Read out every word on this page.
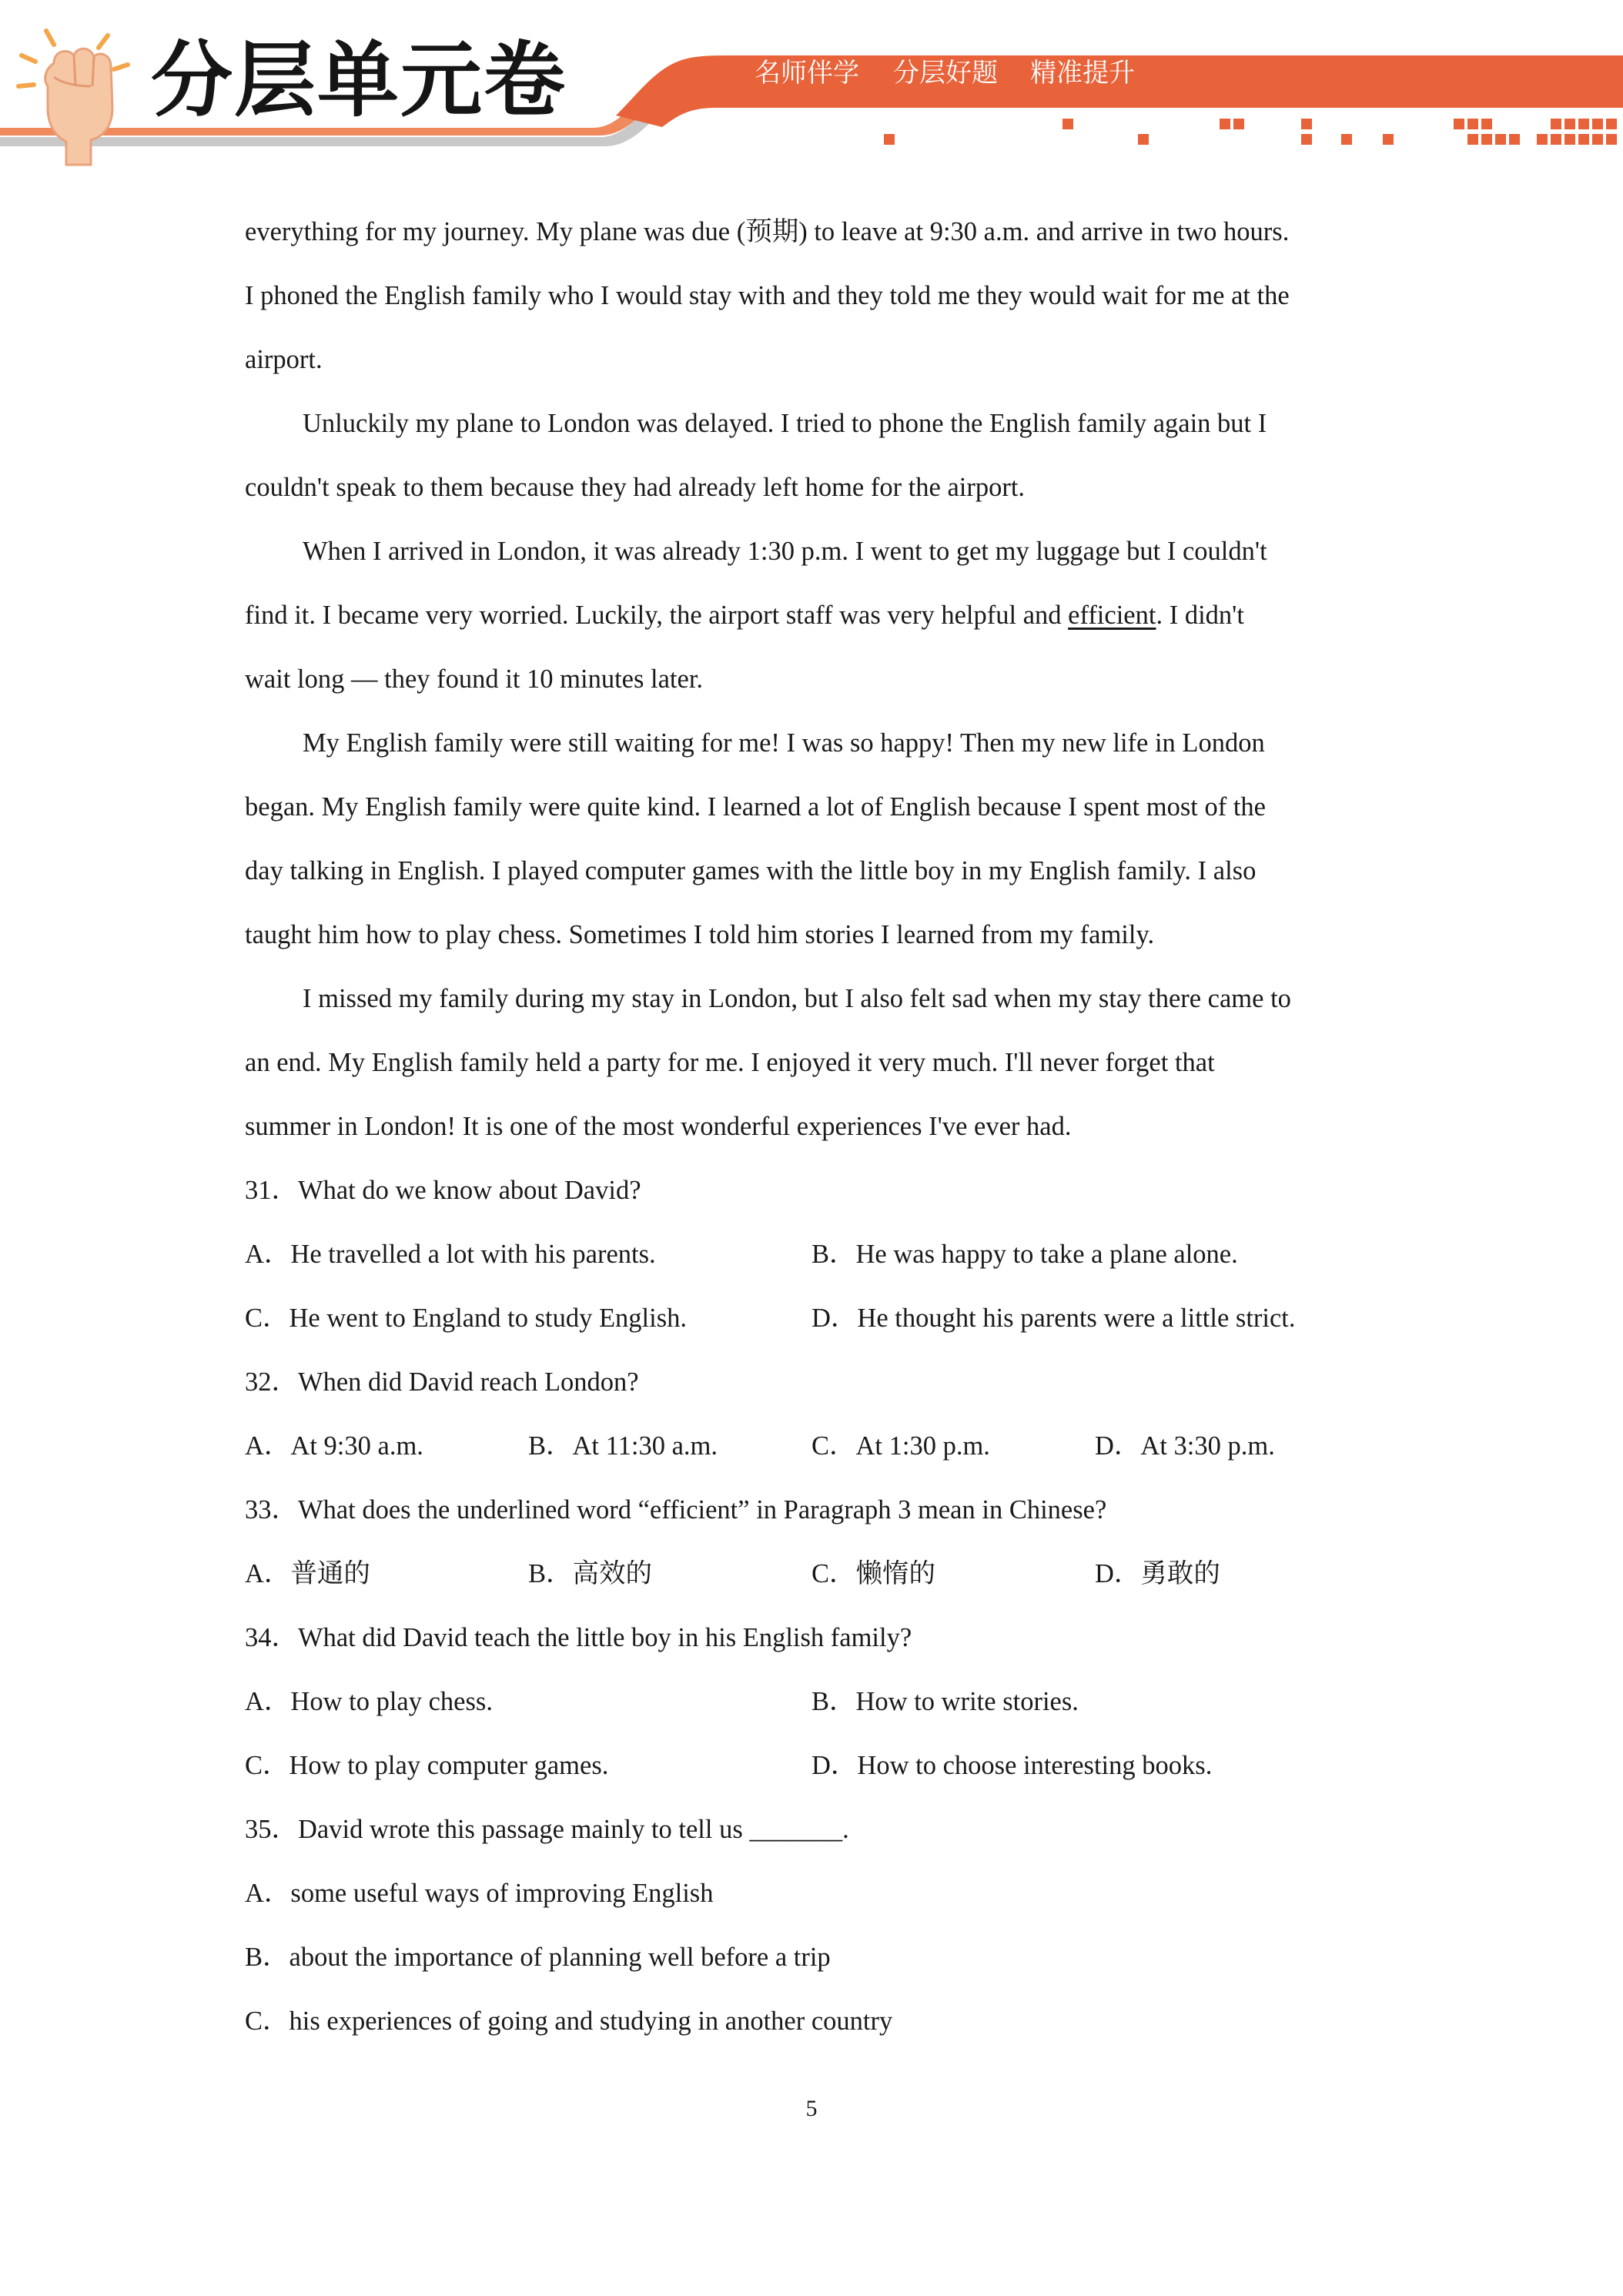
分层单元卷	名师伴学 分层好题 精准提升
everything for my journey. My plane was due (预期) to leave at 9:30 a.m. and arrive in two hours.
I phoned the English family who I would stay with and they told me they would wait for me at the
airport.
Unluckily my plane to London was delayed. I tried to phone the English family again but I
couldn't speak to them because they had already left home for the airport.
When I arrived in London, it was already 1:30 p.m. I went to get my luggage but I couldn't
find it. I became very worried. Luckily, the airport staff was very helpful and efficient. I didn't
wait long — they found it 10 minutes later.
My English family were still waiting for me! I was so happy! Then my new life in London
began. My English family were quite kind. I learned a lot of English because I spent most of the
day talking in English. I played computer games with the little boy in my English family. I also
taught him how to play chess. Sometimes I told him stories I learned from my family.
I missed my family during my stay in London, but I also felt sad when my stay there came to
an end. My English family held a party for me. I enjoyed it very much. I'll never forget that
summer in London! It is one of the most wonderful experiences I've ever had.
31．What do we know about David?
A．He travelled a lot with his parents.	B．He was happy to take a plane alone.
C．He went to England to study English.	D．He thought his parents were a little strict.
32．When did David reach London?
A．At 9:30 a.m.	B．At 11:30 a.m.	C．At 1:30 p.m.	D．At 3:30 p.m.
33．What does the underlined word “efficient” in Paragraph 3 mean in Chinese?
A．普通的	B．高效的	C．懒惰的	D．勇敢的
34．What did David teach the little boy in his English family?
A．How to play chess.	B．How to write stories.
C．How to play computer games.	D．How to choose interesting books.
35．David wrote this passage mainly to tell us _______.
A．some useful ways of improving English
B．about the importance of planning well before a trip
C．his experiences of going and studying in another country
5
